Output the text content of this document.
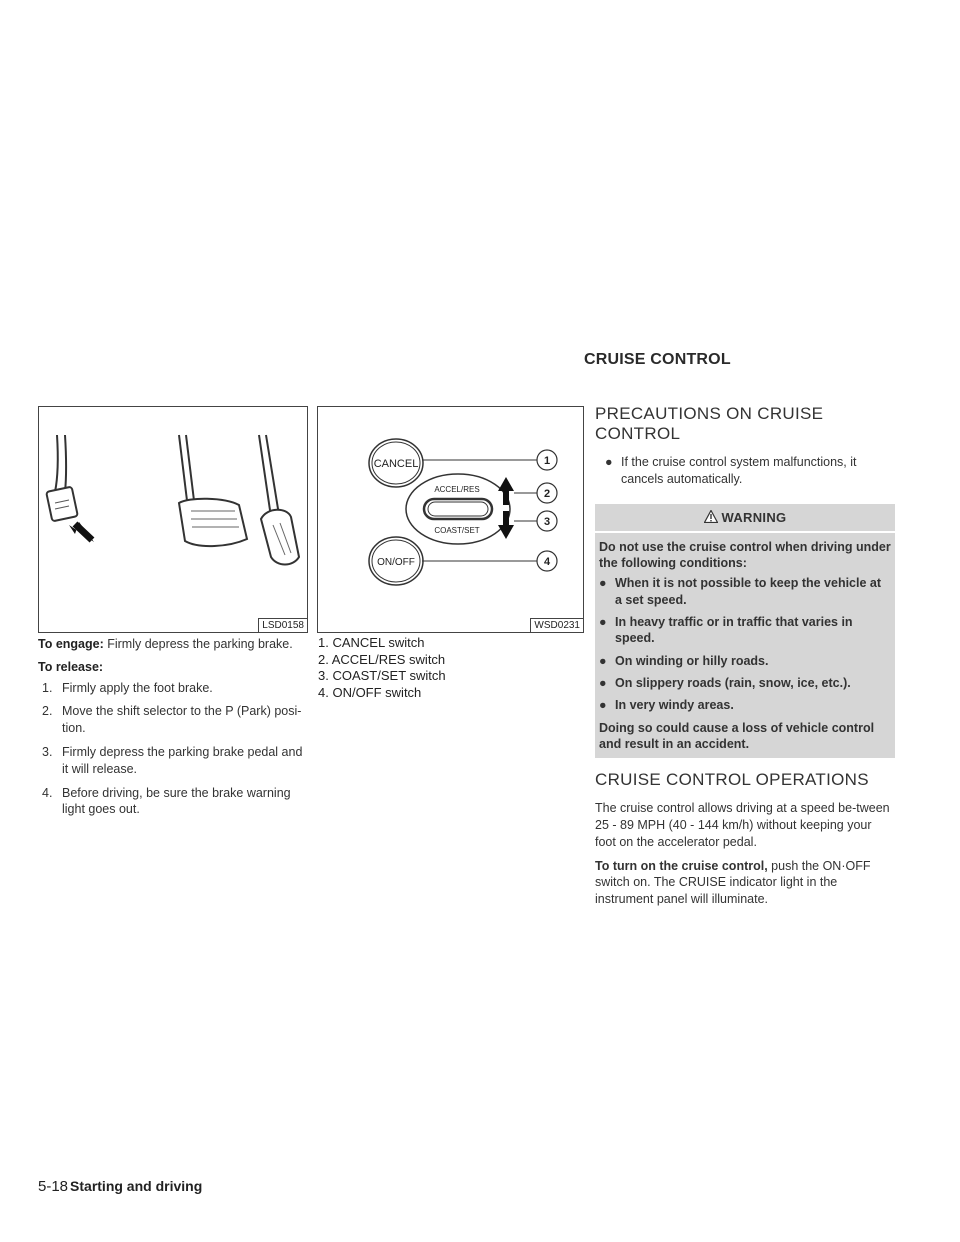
CRUISE CONTROL
LSD0158
CANCEL
ACCEL/RES
COAST/SET
ON/OFF
1
2
3
4
WSD0231

To engage: Firmly depress the parking brake.

To release:

1. Firmly apply the foot brake.
2. Move the shift selector to the P (Park) posi-tion.
3. Firmly depress the parking brake pedal and it will release.
4. Before driving, be sure the brake warning light goes out.
1. CANCEL switch
2. ACCEL/RES switch
3. COAST/SET switch
4. ON/OFF switch
PRECAUTIONS ON CRUISE
CONTROL
● If the cruise control system malfunctions, it cancels automatically.
WARNING

Do not use the cruise control when driving under the following conditions:

● When it is not possible to keep the vehicle at a set speed.
● In heavy traffic or in traffic that varies in speed.
● On winding or hilly roads.
● On slippery roads (rain, snow, ice, etc.).
● In very windy areas.

Doing so could cause a loss of vehicle control and result in an accident.

CRUISE CONTROL OPERATIONS
The cruise control allows driving at a speed be-tween 25 - 89 MPH (40 - 144 km/h) without keeping your foot on the accelerator pedal.
To turn on the cruise control, push the ON·OFF switch on. The CRUISE indicator light in the instrument panel will illuminate.
5-18 Starting and driving
